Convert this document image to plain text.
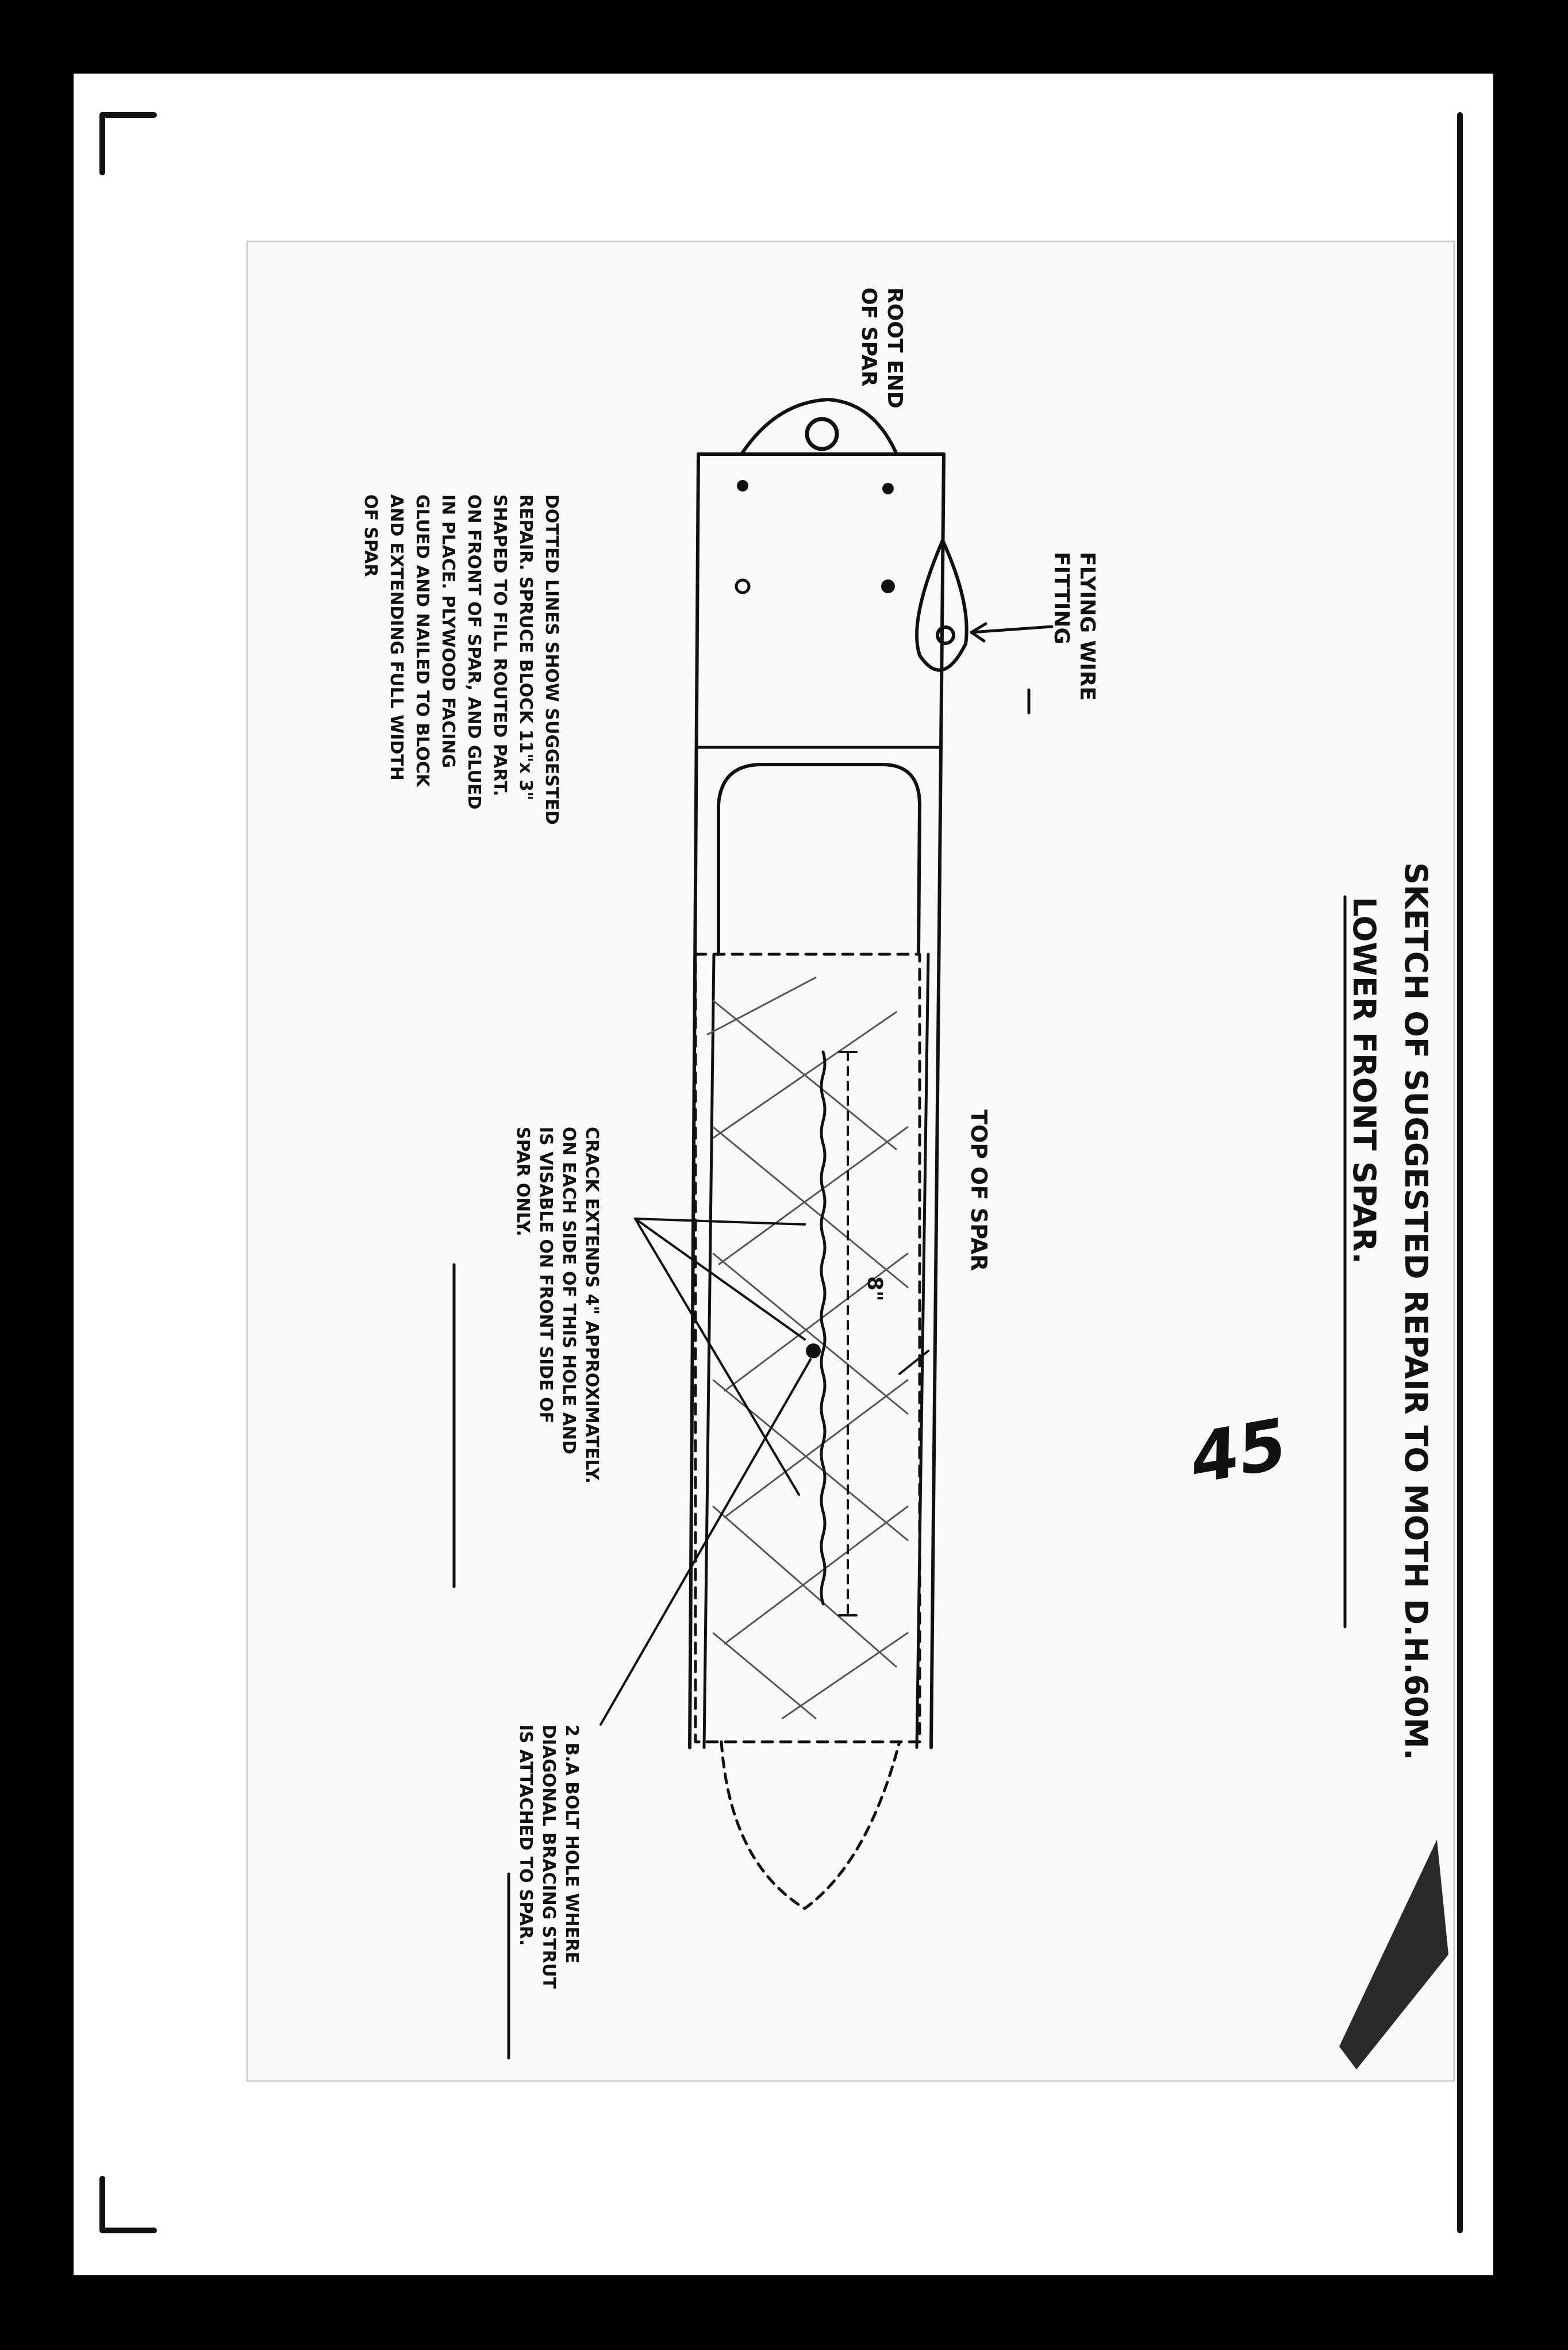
SKETCH OF SUGGESTED REPAIR TO MOTH D.H.60M.
LOWER FRONT SPAR.
ROOT END
OF SPAR
FLYING WIRE
FITTING
TOP OF SPAR
8"
45
CRACK EXTENDS 4" APPROXIMATELY.
ON EACH SIDE OF THIS HOLE AND
IS VISABLE ON FRONT SIDE OF
SPAR ONLY.
DOTTED LINES SHOW SUGGESTED
REPAIR. SPRUCE BLOCK 11"x 3"
SHAPED TO FILL ROUTED PART.
ON FRONT OF SPAR, AND GLUED
IN PLACE. PLYWOOD FACING
GLUED AND NAILED TO BLOCK
AND EXTENDING FULL WIDTH
OF SPAR
2 B.A BOLT HOLE WHERE
DIAGONAL BRACING STRUT
IS ATTACHED TO SPAR.
